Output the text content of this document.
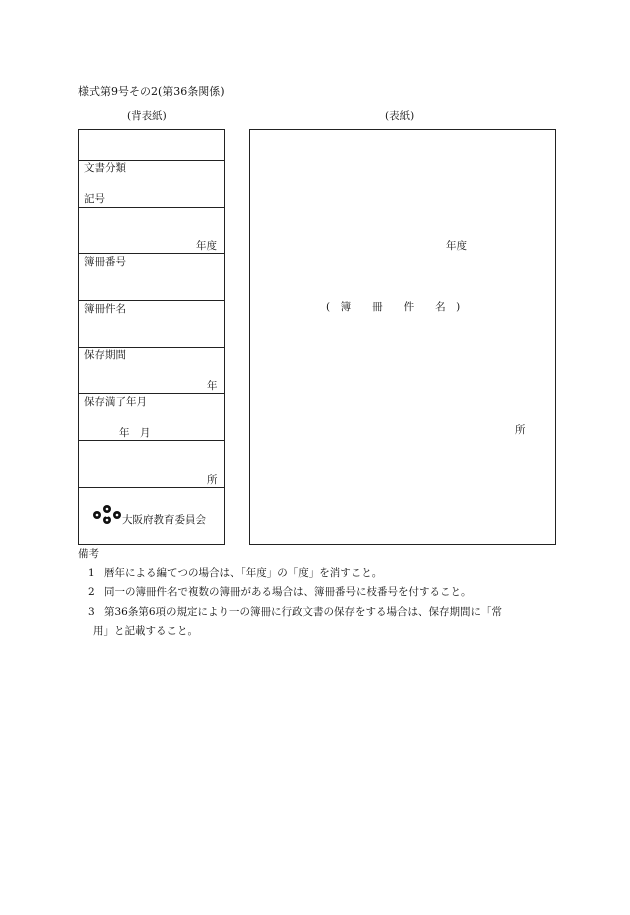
様式第9号その2(第36条関係)
(背表紙)	(表紙)
文書分類
記号
年度
簿冊番号
簿冊件名
保存期間
年
保存満了年月
年　月
所
大阪府教育委員会
年度
(　簿　　冊　　件　　名　)
所
備考
1 暦年による編てつの場合は、「年度」の「度」を消すこと。
2 同一の簿冊件名で複数の簿冊がある場合は、簿冊番号に枝番号を付すること。
3 第36条第6項の規定により一の簿冊に行政文書の保存をする場合は、保存期間に「常
用」と記載すること。
